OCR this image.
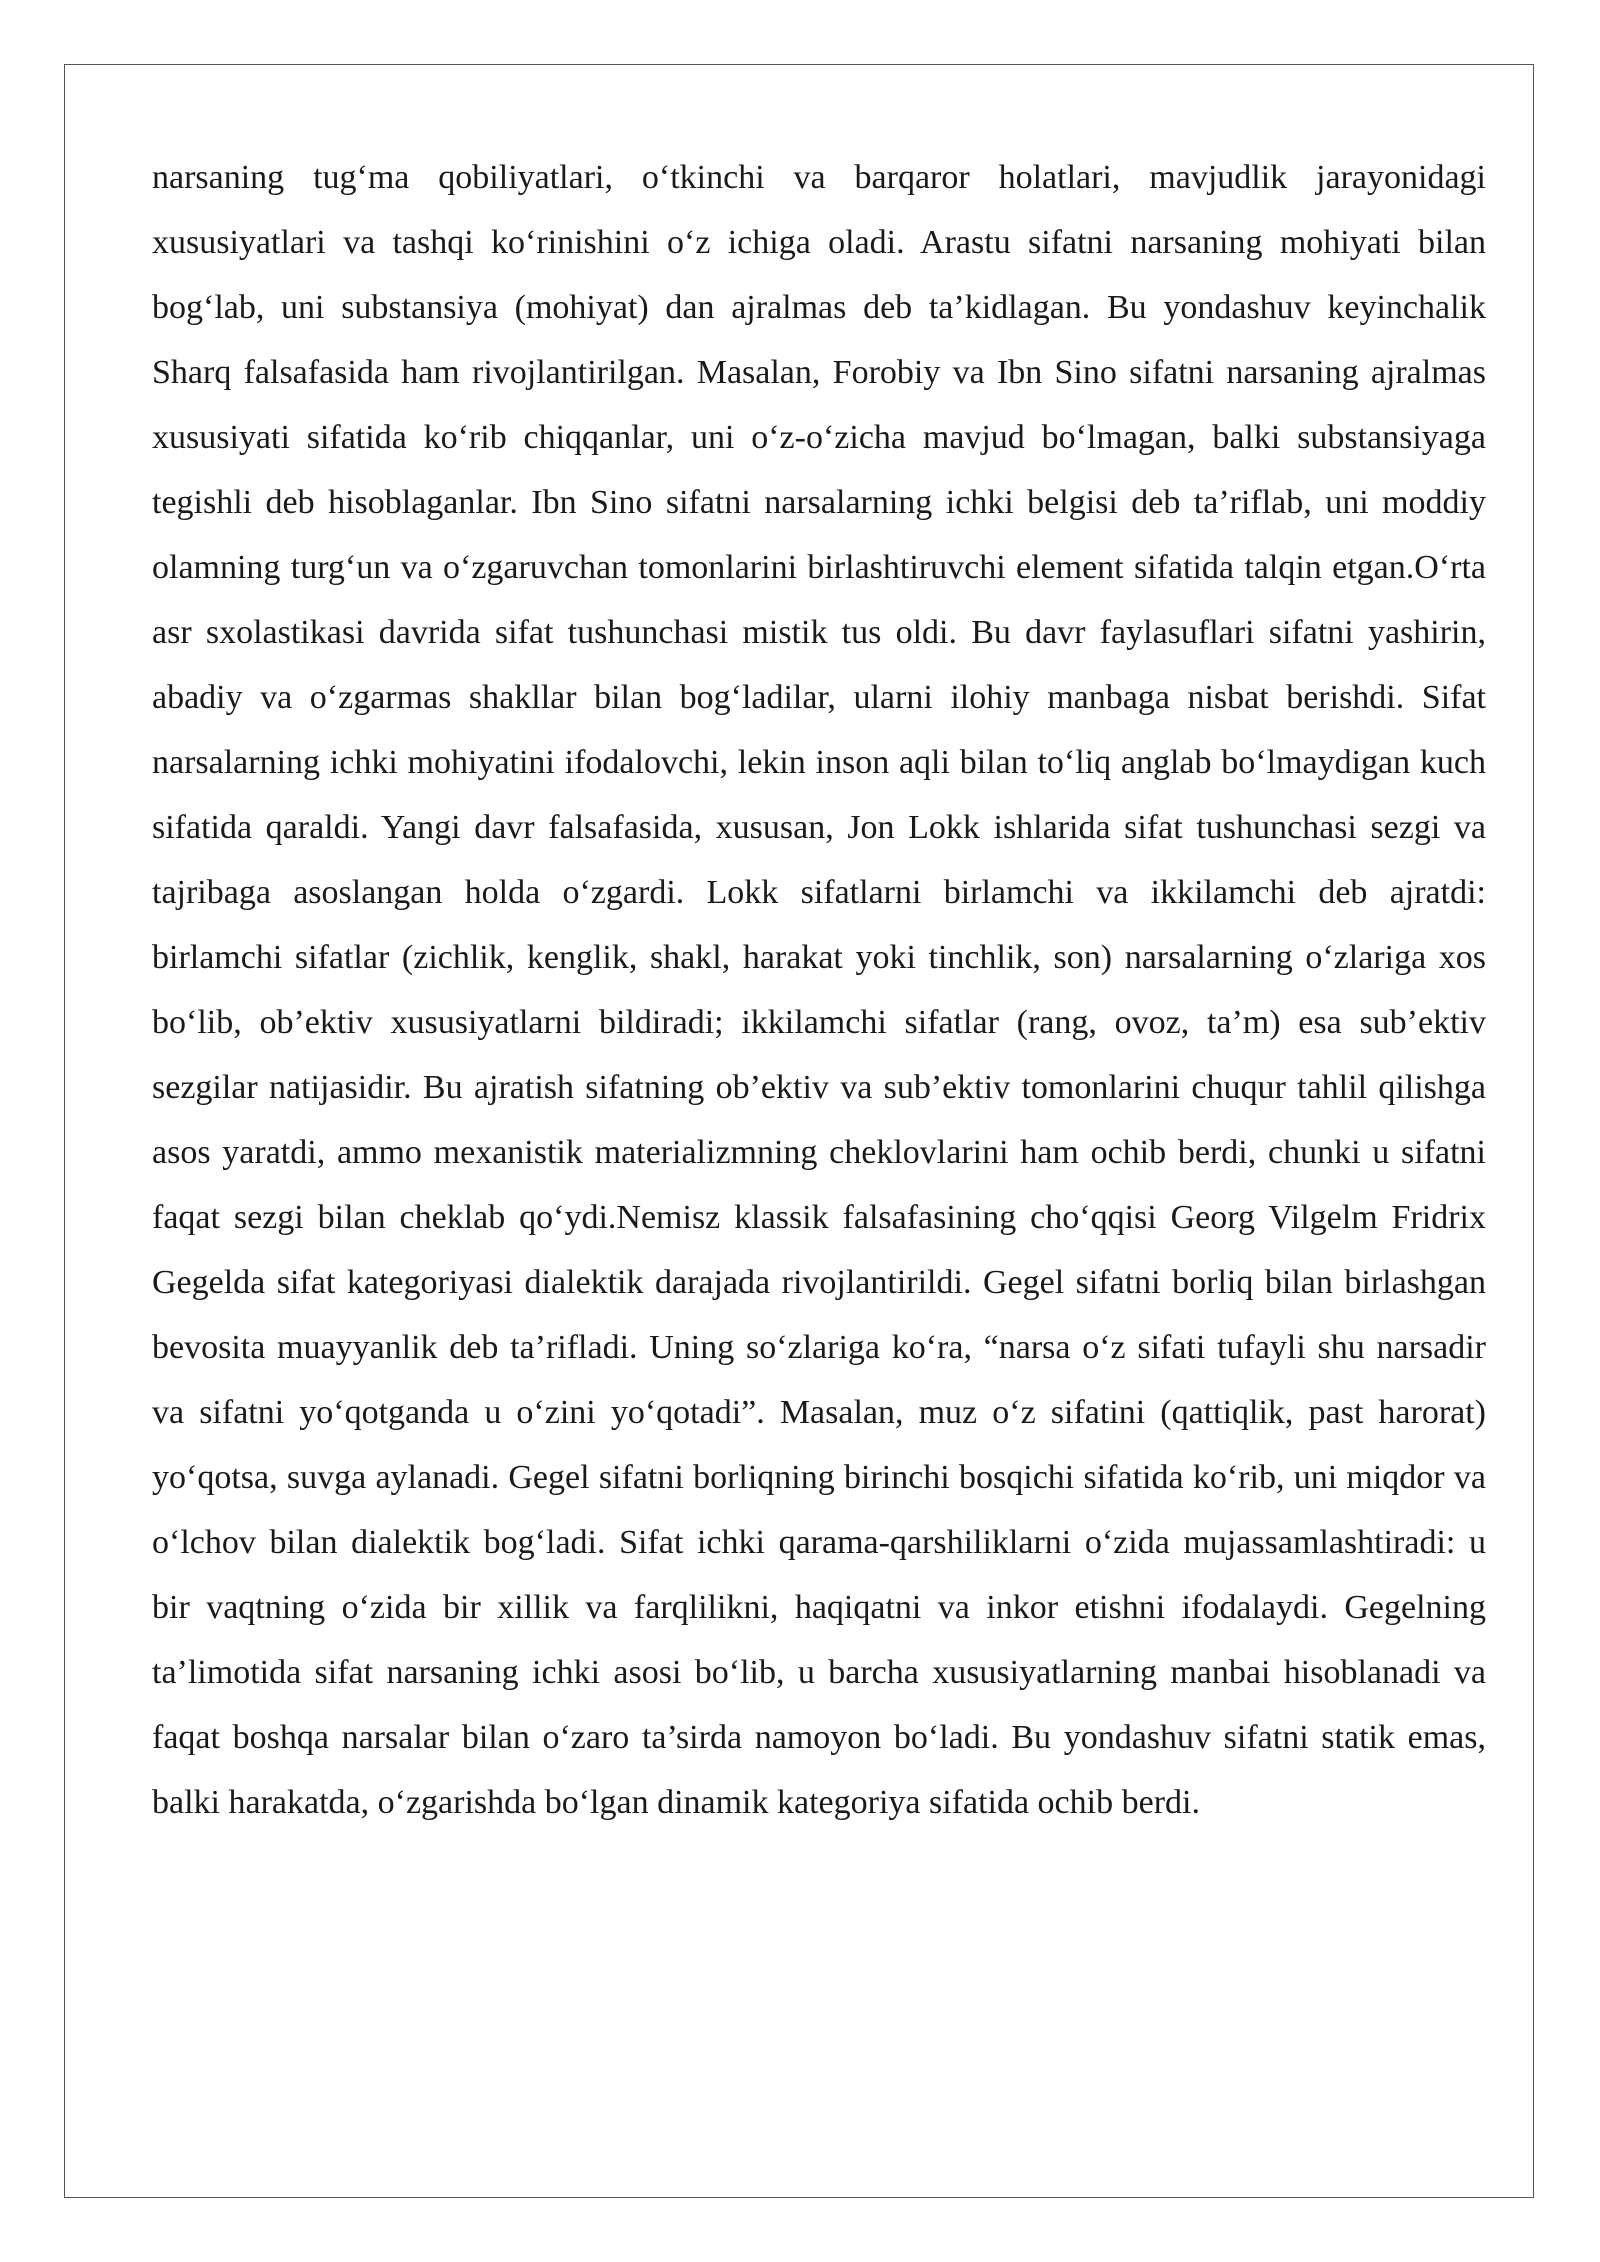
narsaning tug‘ma qobiliyatlari, o‘tkinchi va barqaror holatlari, mavjudlik jarayonidagi xususiyatlari va tashqi ko‘rinishini o‘z ichiga oladi. Arastu sifatni narsaning mohiyati bilan bog‘lab, uni substansiya (mohiyat) dan ajralmas deb ta’kidlagan. Bu yondashuv keyinchalik Sharq falsafasida ham rivojlantirilgan. Masalan, Forobiy va Ibn Sino sifatni narsaning ajralmas xususiyati sifatida ko‘rib chiqqanlar, uni o‘z-o‘zicha mavjud bo‘lmagan, balki substansiyaga tegishli deb hisoblaganlar. Ibn Sino sifatni narsalarning ichki belgisi deb ta’riflab, uni moddiy olamning turg‘un va o‘zgaruvchan tomonlarini birlashtiruvchi element sifatida talqin etgan.O‘rta asr sxolastikasi davrida sifat tushunchasi mistik tus oldi. Bu davr faylasuflari sifatni yashirin, abadiy va o‘zgarmas shakllar bilan bog‘ladilar, ularni ilohiy manbaga nisbat berishdi. Sifat narsalarning ichki mohiyatini ifodalovchi, lekin inson aqli bilan to‘liq anglab bo‘lmaydigan kuch sifatida qaraldi. Yangi davr falsafasida, xususan, Jon Lokk ishlarida sifat tushunchasi sezgi va tajribaga asoslangan holda o‘zgardi. Lokk sifatlarni birlamchi va ikkilamchi deb ajratdi: birlamchi sifatlar (zichlik, kenglik, shakl, harakat yoki tinchlik, son) narsalarning o‘zlariga xos bo‘lib, ob’ektiv xususiyatlarni bildiradi; ikkilamchi sifatlar (rang, ovoz, ta’m) esa sub’ektiv sezgilar natijasidir. Bu ajratish sifatning ob’ektiv va sub’ektiv tomonlarini chuqur tahlil qilishga asos yaratdi, ammo mexanistik materializmning cheklovlarini ham ochib berdi, chunki u sifatni faqat sezgi bilan cheklab qo‘ydi.Nemisz klassik falsafasining cho‘qqisi Georg Vilgelm Fridrix Gegelda sifat kategoriyasi dialektik darajada rivojlantirildi. Gegel sifatni borliq bilan birlashgan bevosita muayyanlik deb ta’rifladi. Uning so‘zlariga ko‘ra, “narsa o‘z sifati tufayli shu narsadir va sifatni yo‘qotganda u o‘zini yo‘qotadi”. Masalan, muz o‘z sifatini (qattiqlik, past harorat) yo‘qotsa, suvga aylanadi. Gegel sifatni borliqning birinchi bosqichi sifatida ko‘rib, uni miqdor va o‘lchov bilan dialektik bog‘ladi. Sifat ichki qarama-qarshiliklarni o‘zida mujassamlashtiradi: u bir vaqtning o‘zida bir xillik va farqlilikni, haqiqatni va inkor etishni ifodalaydi. Gegelning ta’limotida sifat narsaning ichki asosi bo‘lib, u barcha xususiyatlarning manbai hisoblanadi va faqat boshqa narsalar bilan o‘zaro ta’sirda namoyon bo‘ladi. Bu yondashuv sifatni statik emas, balki harakatda, o‘zgarishda bo‘lgan dinamik kategoriya sifatida ochib berdi.
